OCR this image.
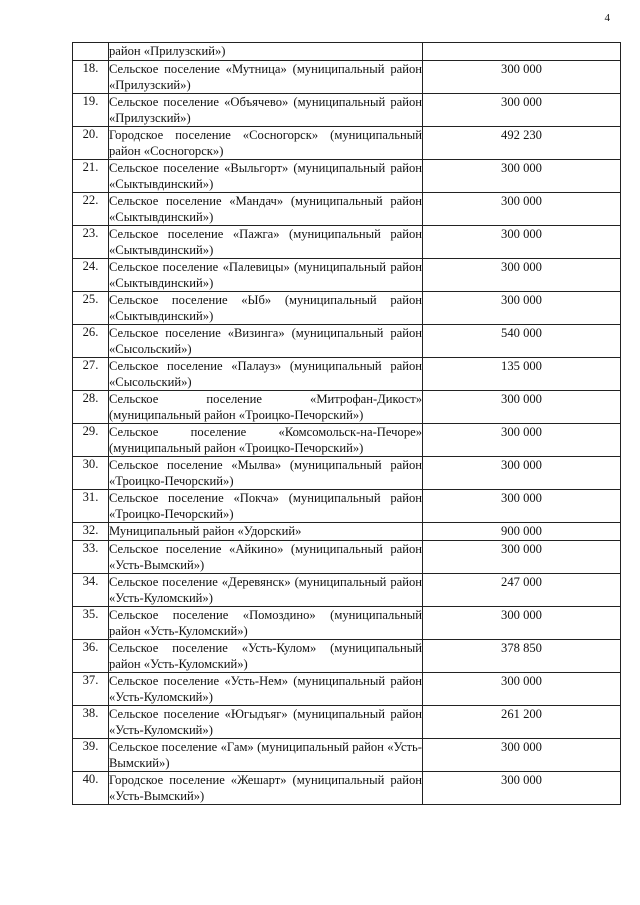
4
	район «Прилузский»)	
18.	Сельское поселение «Мутница» (муниципальный район «Прилузский»)	300 000
19.	Сельское поселение «Объячево» (муниципальный район «Прилузский»)	300 000
20.	Городское поселение «Сосногорск» (муниципальный район «Сосногорск»)	492 230
21.	Сельское поселение «Выльгорт» (муниципальный район «Сыктывдинский»)	300 000
22.	Сельское поселение «Мандач» (муниципальный район «Сыктывдинский»)	300 000
23.	Сельское поселение «Пажга» (муниципальный район «Сыктывдинский»)	300 000
24.	Сельское поселение «Палевицы» (муниципальный район «Сыктывдинский»)	300 000
25.	Сельское поселение «Ыб» (муниципальный район «Сыктывдинский»)	300 000
26.	Сельское поселение «Визинга» (муниципальный район «Сысольский»)	540 000
27.	Сельское поселение «Палауз» (муниципальный район «Сысольский»)	135 000
28.	Сельское поселение «Митрофан-Дикост» (муниципальный район «Троицко-Печорский»)	300 000
29.	Сельское поселение «Комсомольск-на-Печоре» (муниципальный район «Троицко-Печорский»)	300 000
30.	Сельское поселение «Мылва» (муниципальный район «Троицко-Печорский»)	300 000
31.	Сельское поселение «Покча» (муниципальный район «Троицко-Печорский»)	300 000
32.	Муниципальный район «Удорский»	900 000
33.	Сельское поселение «Айкино» (муниципальный район «Усть-Вымский»)	300 000
34.	Сельское поселение «Деревянск» (муниципальный район «Усть-Куломский»)	247 000
35.	Сельское поселение «Помоздино» (муниципальный район «Усть-Куломский»)	300 000
36.	Сельское поселение «Усть-Кулом» (муниципальный район «Усть-Куломский»)	378 850
37.	Сельское поселение «Усть-Нем» (муниципальный район «Усть-Куломский»)	300 000
38.	Сельское поселение «Югыдъяг» (муниципальный район «Усть-Куломский»)	261 200
39.	Сельское поселение «Гам» (муниципальный район «Усть-Вымский»)	300 000
40.	Городское поселение «Жешарт» (муниципальный район «Усть-Вымский»)	300 000
